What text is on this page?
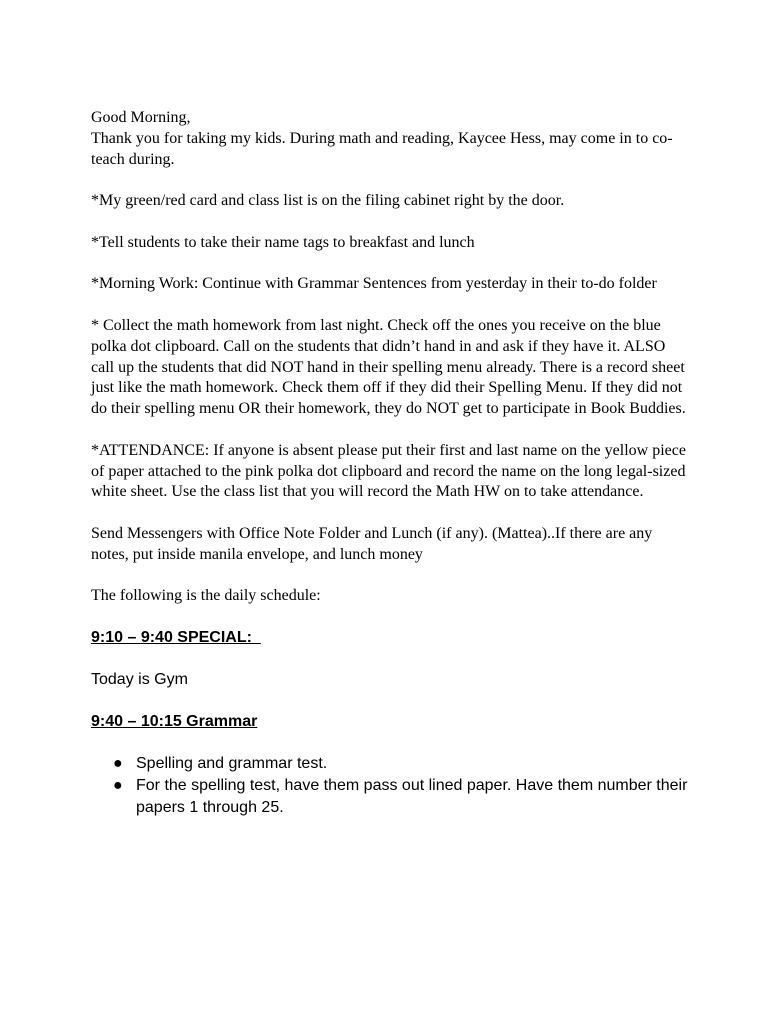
Good Morning,

Thank you for taking my kids. During math and reading, Kaycee Hess, may come in to co-teach during.

*My green/red card and class list is on the filing cabinet right by the door.

*Tell students to take their name tags to breakfast and lunch

*Morning Work: Continue with Grammar Sentences from yesterday in their to-do folder

* Collect the math homework from last night. Check off the ones you receive on the blue polka dot clipboard. Call on the students that didn’t hand in and ask if they have it. ALSO call up the students that did NOT hand in their spelling menu already. There is a record sheet just like the math homework. Check them off if they did their Spelling Menu. If they did not do their spelling menu OR their homework, they do NOT get to participate in Book Buddies.

*ATTENDANCE: If anyone is absent please put their first and last name on the yellow piece of paper attached to the pink polka dot clipboard and record the name on the long legal-sized white sheet. Use the class list that you will record the Math HW on to take attendance.

Send Messengers with Office Note Folder and Lunch (if any). (Mattea)..If there are any notes, put inside manila envelope, and lunch money

The following is the daily schedule:

9:10 – 9:40 SPECIAL:

Today is Gym

9:40 – 10:15 Grammar

● Spelling and grammar test.
● For the spelling test, have them pass out lined paper. Have them number their papers 1 through 25.
